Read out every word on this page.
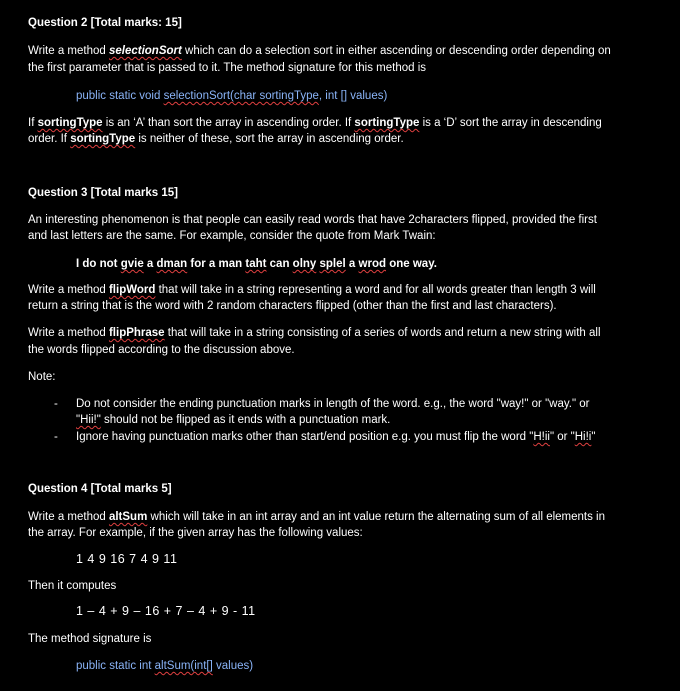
Question 2 [Total marks: 15]

Write a method selectionSort which can do a selection sort in either ascending or descending order depending on

the first parameter that is passed to it. The method signature for this method is

public static void selectionSort(char sortingType, int [] values)

If sortingType is an ‘A’ than sort the array in ascending order. If sortingType is a ‘D’ sort the array in descending

order. If sortingType is neither of these, sort the array in ascending order.

Question 3 [Total marks 15]

An interesting phenomenon is that people can easily read words that have 2characters flipped, provided the first

and last letters are the same. For example, consider the quote from Mark Twain:

I do not gvie a dman for a man taht can olny splel a wrod one way.

Write a method flipWord that will take in a string representing a word and for all words greater than length 3 will

return a string that is the word with 2 random characters flipped (other than the first and last characters).

Write a method flipPhrase that will take in a string consisting of a series of words and return a new string with all

the words flipped according to the discussion above.

Note:

- Do not consider the ending punctuation marks in length of the word. e.g., the word "way!" or "way." or

"Hii!" should not be flipped as it ends with a punctuation mark.

- Ignore having punctuation marks other than start/end position e.g. you must flip the word "H!ii" or "Hi!i"

Question 4 [Total marks 5]

Write a method altSum which will take in an int array and an int value return the alternating sum of all elements in

the array. For example, if the given array has the following values:

1 4 9 16 7 4 9 11

Then it computes

1 – 4 + 9 – 16 + 7 – 4 + 9 - 11

The method signature is

public static int altSum(int[] values)
